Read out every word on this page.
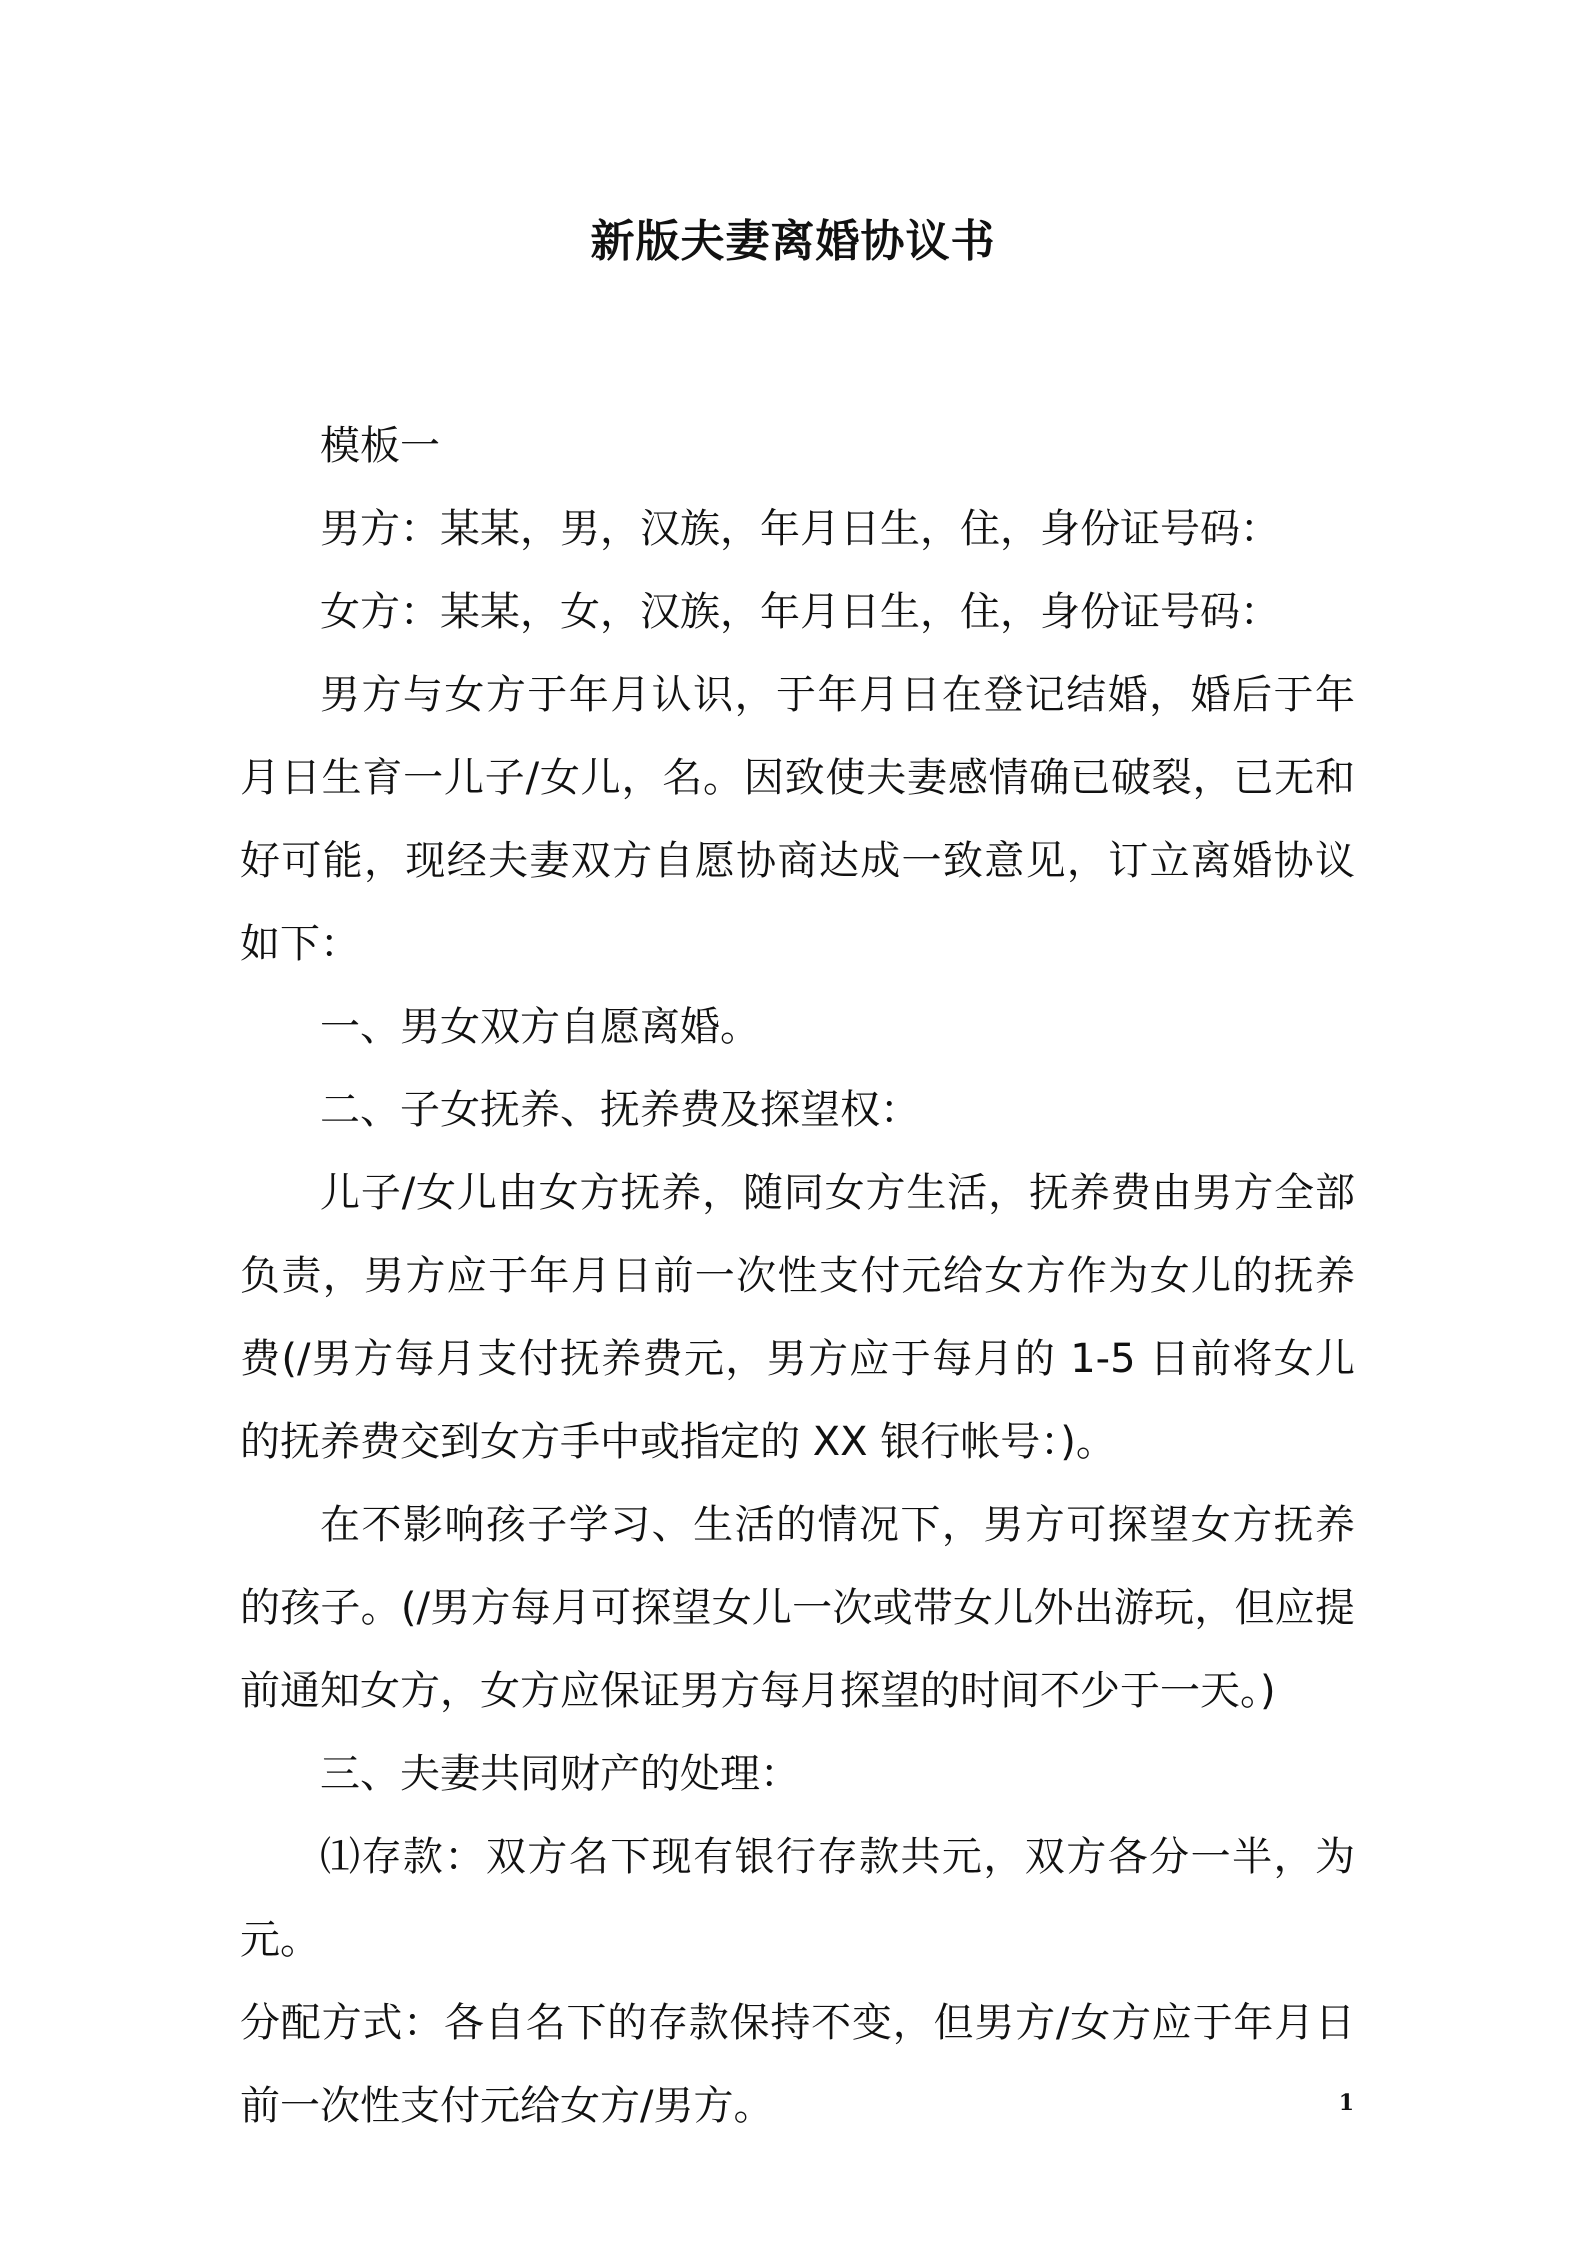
新版夫妻离婚协议书

模板一

男方：某某，男，汉族，年月日生，住，身份证号码：

女方：某某，女，汉族，年月日生，住，身份证号码：

男方与女方于年月认识，于年月日在登记结婚，婚后于年月日生育一儿子/女儿，名。因致使夫妻感情确已破裂，已无和好可能，现经夫妻双方自愿协商达成一致意见，订立离婚协议如下：

一、男女双方自愿离婚。

二、子女抚养、抚养费及探望权：

儿子/女儿由女方抚养，随同女方生活，抚养费由男方全部负责，男方应于年月日前一次性支付元给女方作为女儿的抚养费(/男方每月支付抚养费元，男方应于每月的 1-5 日前将女儿的抚养费交到女方手中或指定的 XX 银行帐号：)。

在不影响孩子学习、生活的情况下，男方可探望女方抚养的孩子。(/男方每月可探望女儿一次或带女儿外出游玩，但应提前通知女方，女方应保证男方每月探望的时间不少于一天。)

三、夫妻共同财产的处理：

⑴存款：双方名下现有银行存款共元，双方各分一半，为元。

分配方式：各自名下的存款保持不变，但男方/女方应于年月日前一次性支付元给女方/男方。	1
